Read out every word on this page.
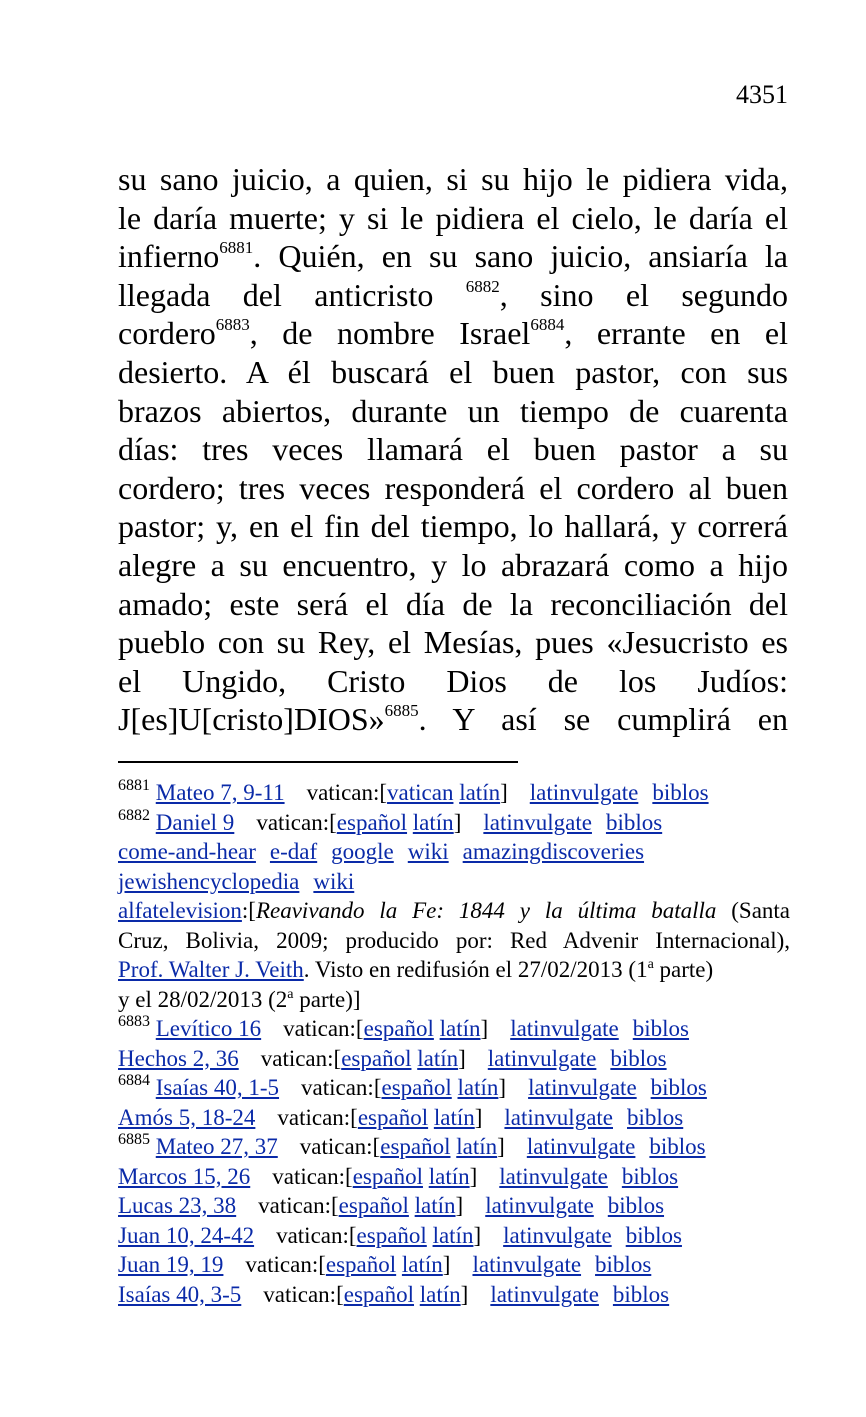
4351
su sano juicio, a quien, si su hijo le pidiera vida,
le daría muerte; y si le pidiera el cielo, le daría el
infierno$^{6881}$. Quién, en su sano juicio, ansiaría la
llegada del anticristo $^{6882}$, sino el segundo
cordero$^{6883}$, de nombre Israel$^{6884}$, errante en el
desierto. A él buscará el buen pastor, con sus
brazos abiertos, durante un tiempo de cuarenta
días: tres veces llamará el buen pastor a su
cordero; tres veces responderá el cordero al buen
pastor; y, en el fin del tiempo, lo hallará, y correrá
alegre a su encuentro, y lo abrazará como a hijo
amado; este será el día de la reconciliación del
pueblo con su Rey, el Mesías, pues «Jesucristo es
el Ungido, Cristo Dios de los Judíos:
J[es]U[cristo]DIOS»$^{6885}$. Y así se cumplirá en
$^{6881}$ Mateo 7, 9-11 vatican:[vatican latín] latinvulgate biblos
$^{6882}$ Daniel 9 vatican:[español latín] latinvulgate biblos
come-and-hear e-daf google wiki amazingdiscoveries
jewishencyclopedia wiki
alfatelevision:[Reavivando la Fe: 1844 y la última batalla (Santa
Cruz, Bolivia, 2009; producido por: Red Advenir Internacional),
Prof. Walter J. Veith. Visto en redifusión el 27/02/2013 (1$^a$ parte)
y el 28/02/2013 (2$^a$ parte)]
$^{6883}$ Levítico 16 vatican:[español latín] latinvulgate biblos
Hechos 2, 36 vatican:[español latín] latinvulgate biblos
$^{6884}$ Isaías 40, 1-5 vatican:[español latín] latinvulgate biblos
Amós 5, 18-24 vatican:[español latín] latinvulgate biblos
$^{6885}$ Mateo 27, 37 vatican:[español latín] latinvulgate biblos
Marcos 15, 26 vatican:[español latín] latinvulgate biblos
Lucas 23, 38 vatican:[español latín] latinvulgate biblos
Juan 10, 24-42 vatican:[español latín] latinvulgate biblos
Juan 19, 19 vatican:[español latín] latinvulgate biblos
Isaías 40, 3-5 vatican:[español latín] latinvulgate biblos
